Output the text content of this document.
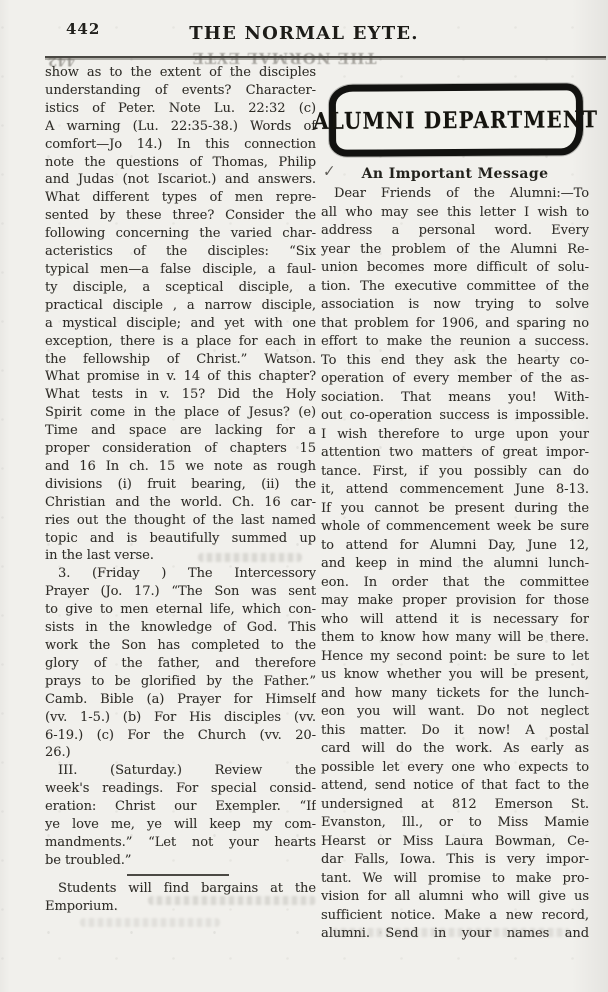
442	THE NORMAL EYTE.
THE NORMAL EYTE
442
show as to the extent of the disciples
understanding of events? Character-
istics of Peter. Note Lu. 22:32 (c)
A warning (Lu. 22:35-38.) Words of
comfort—Jo 14.) In this connection
note the questions of Thomas, Philip
and Judas (not Iscariot.) and answers.
What different types of men repre-
sented by these three? Consider the
following concerning the varied char-
acteristics of the disciples: “Six
typical men—a false disciple, a faul-
ty disciple, a sceptical disciple, a
practical disciple , a narrow disciple,
a mystical disciple; and yet with one
exception, there is a place for each in
the fellowship of Christ.” Watson.
What promise in v. 14 of this chapter?
What tests in v. 15? Did the Holy
Spirit come in the place of Jesus? (e)
Time and space are lacking for a
proper consideration of chapters 15
and 16 In ch. 15 we note as rough
divisions (i) fruit bearing, (ii) the
Christian and the world. Ch. 16 car-
ries out the thought of the last named
topic and is beautifully summed up
in the last verse.
3. (Friday ) The Intercessory
Prayer (Jo. 17.) “The Son was sent
to give to men eternal life, which con-
sists in the knowledge of God. This
work the Son has completed to the
glory of the father, and therefore
prays to be glorified by the Father.”
Camb. Bible (a) Prayer for Himself
(vv. 1-5.) (b) For His disciples (vv.
6-19.) (c) For the Church (vv. 20-
26.)
III. (Saturday.) Review the
week's readings. For special consid-
eration: Christ our Exempler. “If
ye love me, ye will keep my com-
mandments.” “Let not your hearts
be troubled.”
Students will find bargains at the
Emporium.
ALUMNI DEPARTMENT
✓	An Important Message
Dear Friends of the Alumni:—To
all who may see this letter I wish to
address a personal word. Every
year the problem of the Alumni Re-
union becomes more difficult of solu-
tion. The executive committee of the
association is now trying to solve
that problem for 1906, and sparing no
effort to make the reunion a success.
To this end they ask the hearty co-
operation of every member of the as-
sociation. That means you! With-
out co-operation success is impossible.
I wish therefore to urge upon your
attention two matters of great impor-
tance. First, if you possibly can do
it, attend commencement June 8-13.
If you cannot be present during the
whole of commencement week be sure
to attend for Alumni Day, June 12,
and keep in mind the alumni lunch-
eon. In order that the committee
may make proper provision for those
who will attend it is necessary for
them to know how many will be there.
Hence my second point: be sure to let
us know whether you will be present,
and how many tickets for the lunch-
eon you will want. Do not neglect
this matter. Do it now! A postal
card will do the work. As early as
possible let every one who expects to
attend, send notice of that fact to the
undersigned at 812 Emerson St.
Evanston, Ill., or to Miss Mamie
Hearst or Miss Laura Bowman, Ce-
dar Falls, Iowa. This is very impor-
tant. We will promise to make pro-
vision for all alumni who will give us
sufficient notice. Make a new record,
alumni. Send in your names and
